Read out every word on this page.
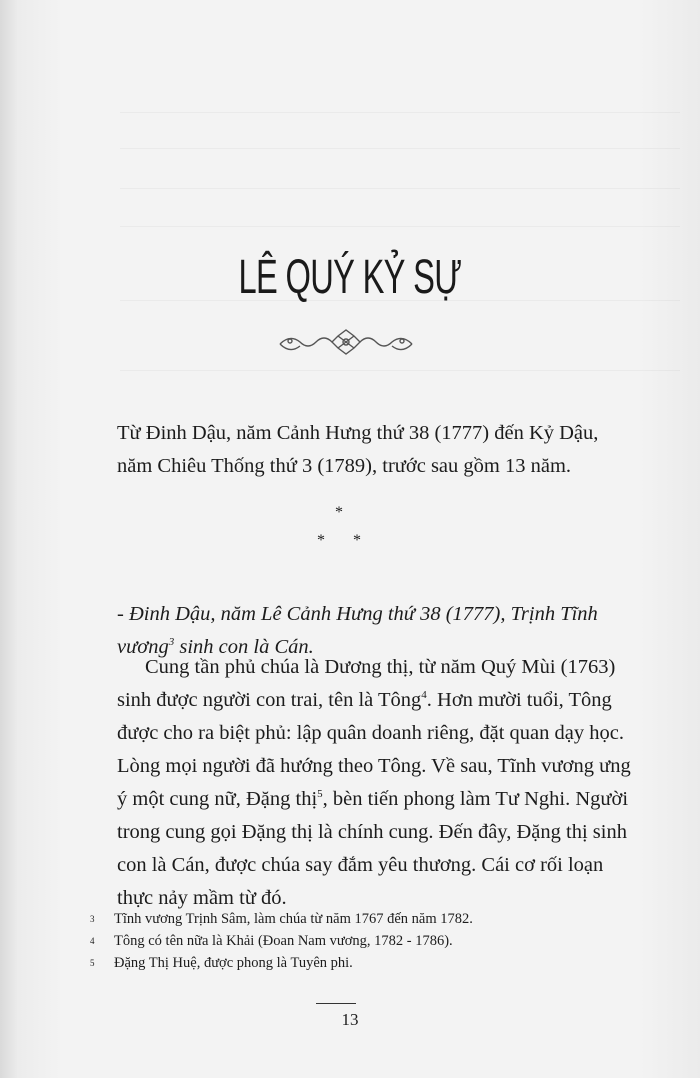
LÊ QUÝ KỶ SỰ
Từ Đinh Dậu, năm Cảnh Hưng thứ 38 (1777) đến Kỷ Dậu, năm Chiêu Thống thứ 3 (1789), trước sau gồm 13 năm.
*
* *
- Đinh Dậu, năm Lê Cảnh Hưng thứ 38 (1777), Trịnh Tĩnh vương$^3$ sinh con là Cán.

Cung tần phủ chúa là Dương thị, từ năm Quý Mùi (1763) sinh được người con trai, tên là Tông$^4$. Hơn mười tuổi, Tông được cho ra biệt phủ: lập quân doanh riêng, đặt quan dạy học. Lòng mọi người đã hướng theo Tông. Về sau, Tĩnh vương ưng ý một cung nữ, Đặng thị$^5$, bèn tiến phong làm Tư Nghi. Người trong cung gọi Đặng thị là chính cung. Đến đây, Đặng thị sinh con là Cán, được chúa say đắm yêu thương. Cái cơ rối loạn thực nảy mầm từ đó.

3	Tĩnh vương Trịnh Sâm, làm chúa từ năm 1767 đến năm 1782.
4	Tông có tên nữa là Khải (Đoan Nam vương, 1782 - 1786).
5	Đặng Thị Huệ, được phong là Tuyên phi.
13
